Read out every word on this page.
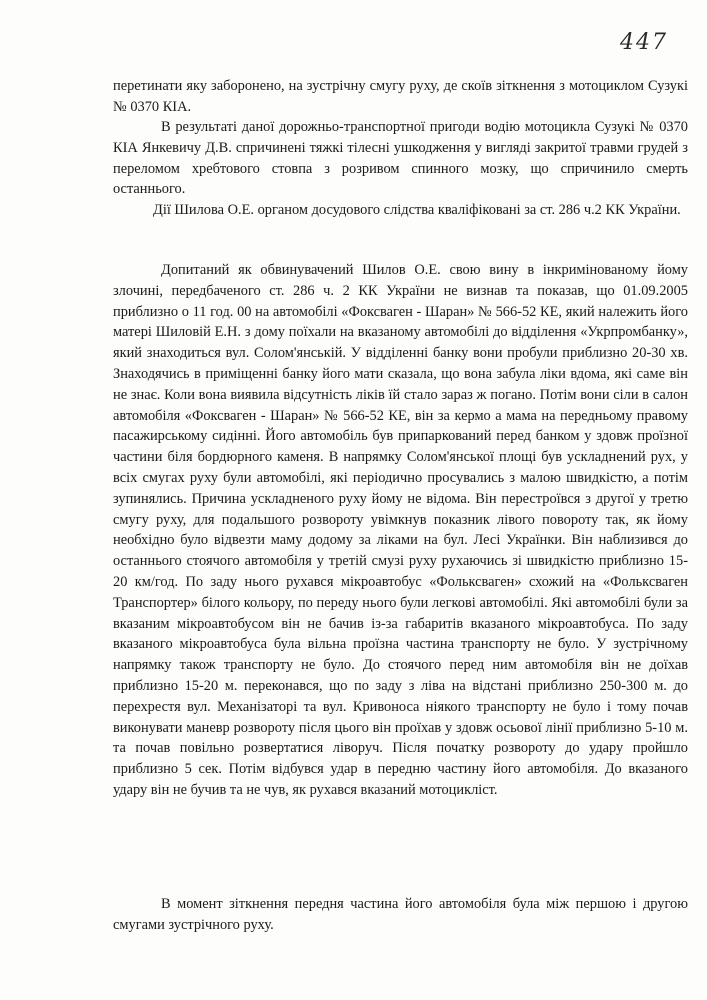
447

перетинати яку заборонено, на зустрічну смугу руху, де скоїв зіткнення з мотоциклом Сузукі № 0370 КІА.

В результаті даної дорожньо-транспортної пригоди водію мотоцикла Сузукі № 0370 КІА Янкевичу Д.В. спричинені тяжкі тілесні ушкодження у вигляді закритої травми грудей з переломом хребтового стовпа з розривом спинного мозку, що спричинило смерть останнього.

Дії Шилова О.Е. органом досудового слідства кваліфіковані за ст. 286 ч.2 КК України.

Допитаний як обвинувачений Шилов О.Е. свою вину в інкримінованому йому злочині, передбаченого ст. 286 ч. 2 КК України не визнав та показав, що 01.09.2005 приблизно о 11 год. 00 на автомобілі «Фоксваген - Шаран» № 566-52 КЕ, який належить його матері Шиловій Е.Н. з дому поїхали на вказаному автомобілі до відділення «Укрпромбанку», який знаходиться вул. Солом'янській. У відділенні банку вони пробули приблизно 20-30 хв. Знаходячись в приміщенні банку його мати сказала, що вона забула ліки вдома, які саме він не знає. Коли вона виявила відсутність ліків їй стало зараз ж погано. Потім вони сіли в салон автомобіля «Фоксваген - Шаран» № 566-52 КЕ, він за кермо а мама на передньому правому пасажирському сидінні. Його автомобіль був припаркований перед банком у здовж проїзної частини біля бордюрного каменя. В напрямку Солом'янської площі був ускладнений рух, у всіх смугах руху були автомобілі, які періодично просувались з малою швидкістю, а потім зупинялись. Причина ускладненого руху йому не відома. Він перестроївся з другої у третю смугу руху, для подальшого розвороту увімкнув показник лівого повороту так, як йому необхідно було відвезти маму додому за ліками на бул. Лесі Українки. Він наблизився до останнього стоячого автомобіля у третій смузі руху рухаючись зі швидкістю приблизно 15-20 км/год. По заду нього рухався мікроавтобус «Фольксваген» схожий на «Фольксваген Транспортер» білого кольору, по переду нього були легкові автомобілі. Які автомобілі були за вказаним мікроавтобусом він не бачив із-за габаритів вказаного мікроавтобуса. По заду вказаного мікроавтобуса була вільна проїзна частина транспорту не було. У зустрічному напрямку також транспорту не було. До стоячого перед ним автомобіля він не доїхав приблизно 15-20 м. переконався, що по заду з ліва на відстані приблизно 250-300 м. до перехрестя вул. Механізаторі та вул. Кривоноса ніякого транспорту не було і тому почав виконувати маневр розвороту після цього він проїхав у здовж осьової лінії приблизно 5-10 м. та почав повільно розвертатися ліворуч. Після початку розвороту до удару пройшло приблизно 5 сек. Потім відбувся удар в передню частину його автомобіля. До вказаного удару він не бучив та не чув, як рухався вказаний мотоцикліст.

В момент зіткнення передня частина його автомобіля була між першою і другою смугами зустрічного руху.
